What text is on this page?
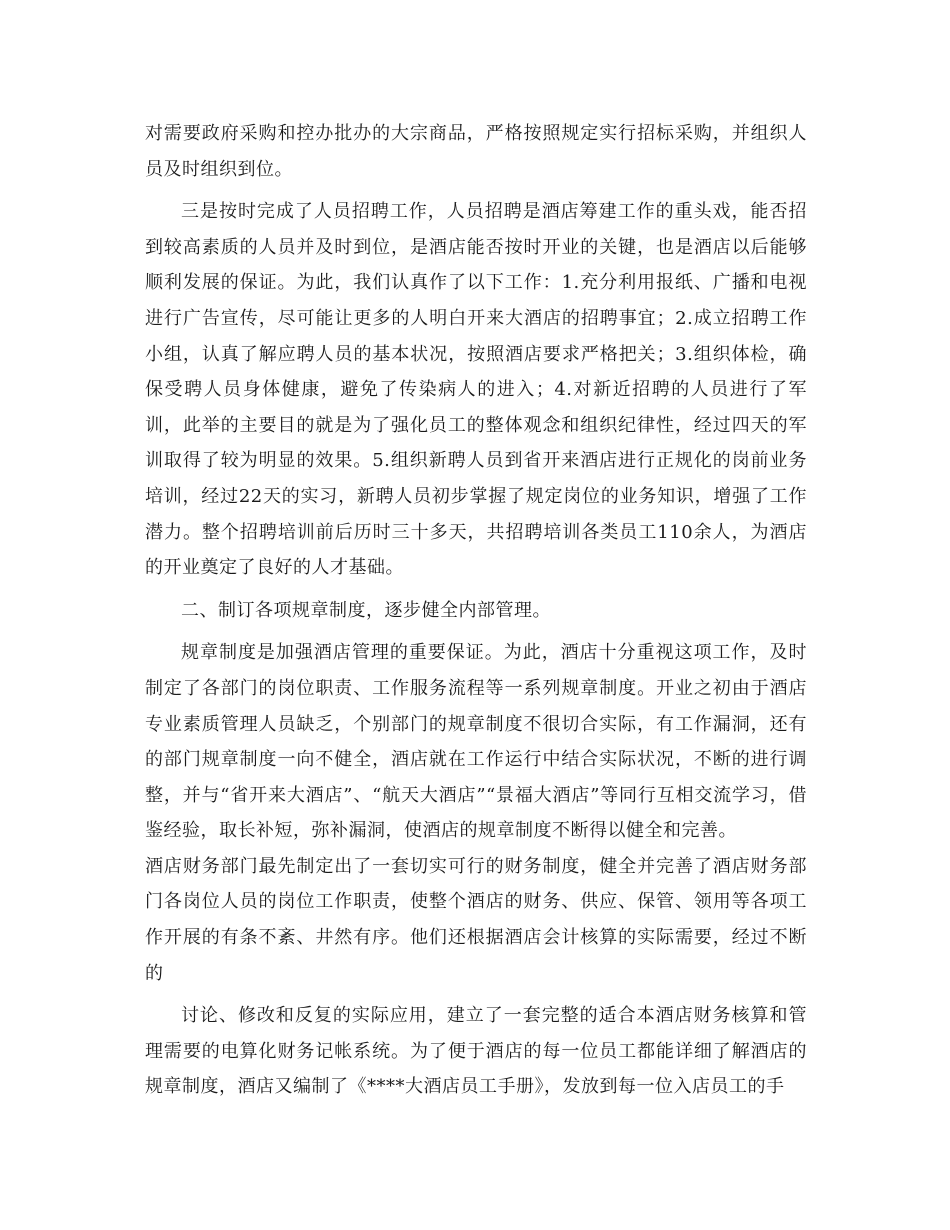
对需要政府采购和控办批办的大宗商品，严格按照规定实行招标采购，并组织人员及时组织到位。

三是按时完成了人员招聘工作，人员招聘是酒店筹建工作的重头戏，能否招到较高素质的人员并及时到位，是酒店能否按时开业的关键，也是酒店以后能够顺利发展的保证。为此，我们认真作了以下工作：1.充分利用报纸、广播和电视进行广告宣传，尽可能让更多的人明白开来大酒店的招聘事宜；2.成立招聘工作小组，认真了解应聘人员的基本状况，按照酒店要求严格把关；3.组织体检，确保受聘人员身体健康，避免了传染病人的进入；4.对新近招聘的人员进行了军训，此举的主要目的就是为了强化员工的整体观念和组织纪律性，经过四天的军训取得了较为明显的效果。5.组织新聘人员到省开来酒店进行正规化的岗前业务培训，经过22天的实习，新聘人员初步掌握了规定岗位的业务知识，增强了工作潜力。整个招聘培训前后历时三十多天，共招聘培训各类员工110余人，为酒店的开业奠定了良好的人才基础。

二、制订各项规章制度，逐步健全内部管理。

规章制度是加强酒店管理的重要保证。为此，酒店十分重视这项工作，及时制定了各部门的岗位职责、工作服务流程等一系列规章制度。开业之初由于酒店专业素质管理人员缺乏，个别部门的规章制度不很切合实际，有工作漏洞，还有的部门规章制度一向不健全，酒店就在工作运行中结合实际状况，不断的进行调整，并与“省开来大酒店”、“航天大酒店”“景福大酒店”等同行互相交流学习，借鉴经验，取长补短，弥补漏洞，使酒店的规章制度不断得以健全和完善。

酒店财务部门最先制定出了一套切实可行的财务制度，健全并完善了酒店财务部门各岗位人员的岗位工作职责，使整个酒店的财务、供应、保管、领用等各项工作开展的有条不紊、井然有序。他们还根据酒店会计核算的实际需要，经过不断的

讨论、修改和反复的实际应用，建立了一套完整的适合本酒店财务核算和管理需要的电算化财务记帐系统。为了便于酒店的每一位员工都能详细了解酒店的规章制度，酒店又编制了《****大酒店员工手册》，发放到每一位入店员工的手
